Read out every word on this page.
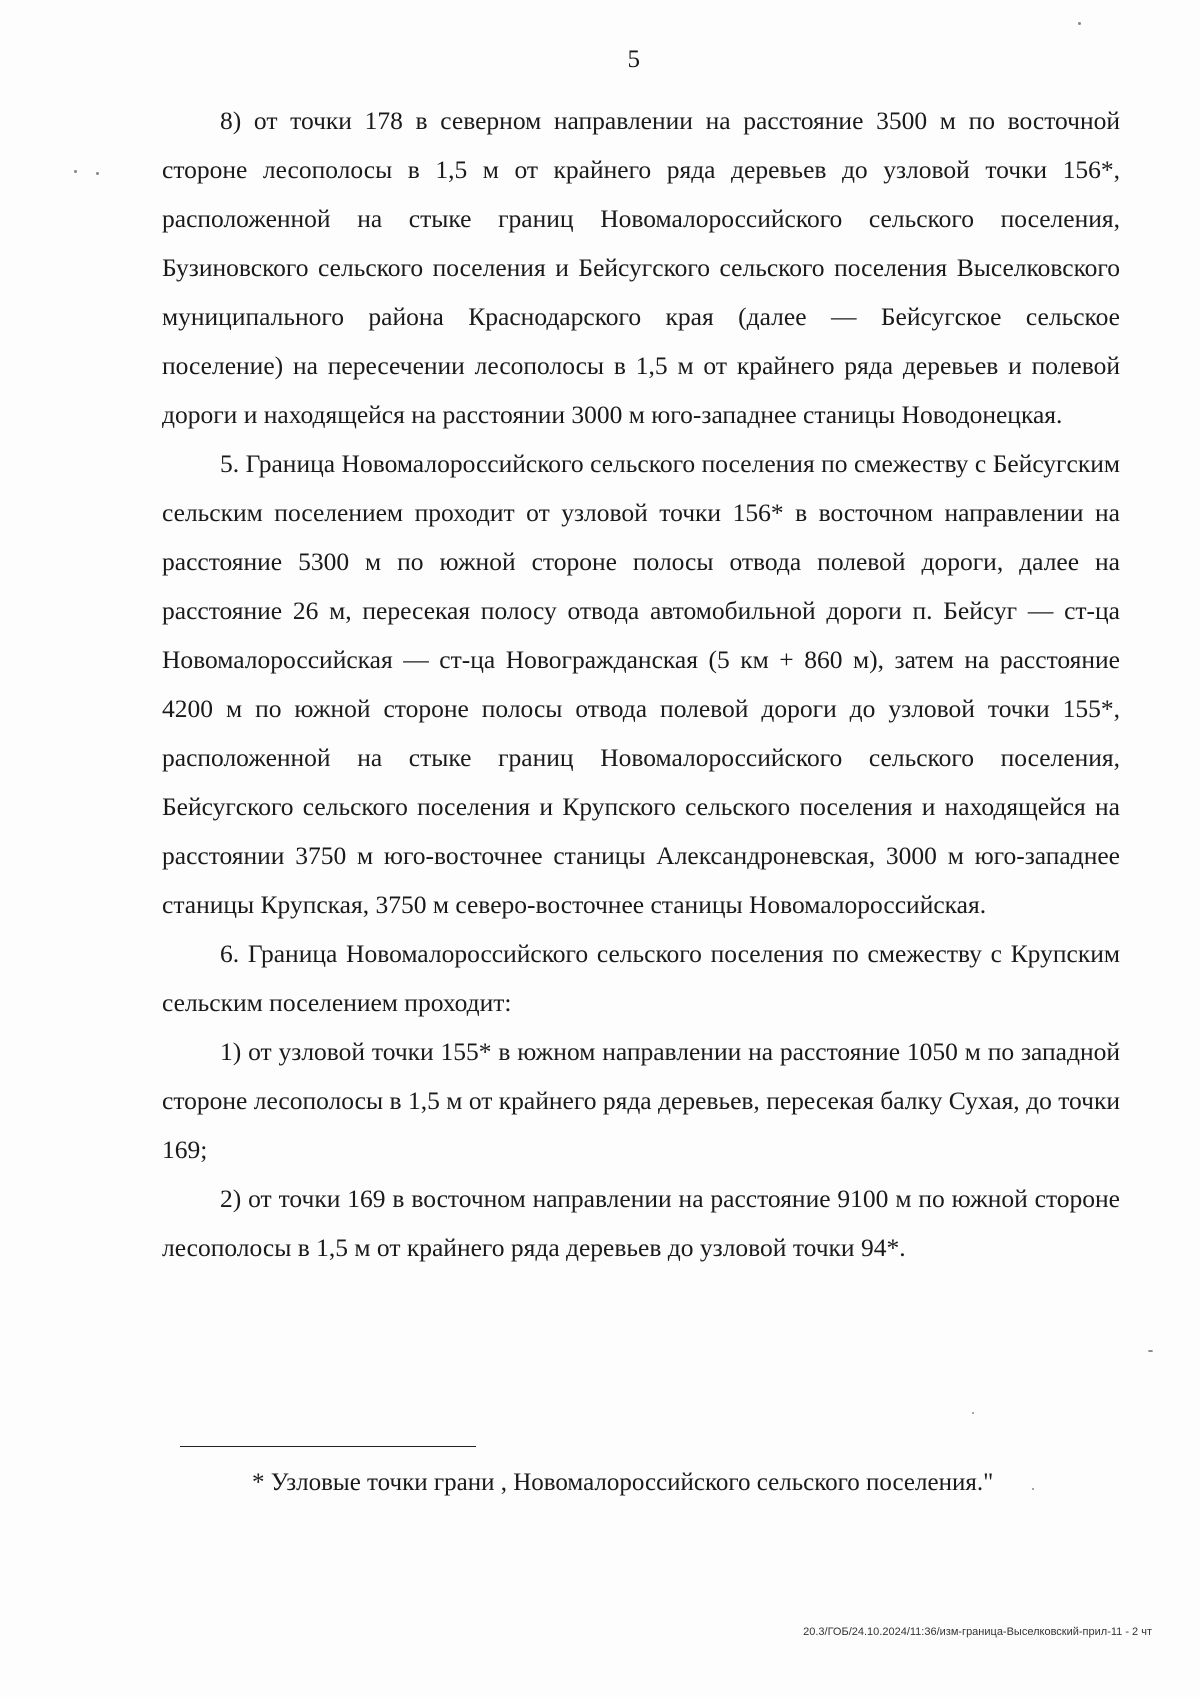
5

8) от точки 178 в северном направлении на расстояние 3500 м по восточной стороне лесополосы в 1,5 м от крайнего ряда деревьев до узловой точки 156*, расположенной на стыке границ Новомалороссийского сельского поселения, Бузиновского сельского поселения и Бейсугского сельского поселения Выселковского муниципального района Краснодарского края (далее — Бейсугское сельское поселение) на пересечении лесополосы в 1,5 м от крайнего ряда деревьев и полевой дороги и находящейся на расстоянии 3000 м юго-западнее станицы Новодонецкая.

5. Граница Новомалороссийского сельского поселения по смежеству с Бейсугским сельским поселением проходит от узловой точки 156* в восточном направлении на расстояние 5300 м по южной стороне полосы отвода полевой дороги, далее на расстояние 26 м, пересекая полосу отвода автомобильной дороги п. Бейсуг — ст-ца Новомалороссийская — ст-ца Новогражданская (5 км + 860 м), затем на расстояние 4200 м по южной стороне полосы отвода полевой дороги до узловой точки 155*, расположенной на стыке границ Новомалороссийского сельского поселения, Бейсугского сельского поселения и Крупского сельского поселения и находящейся на расстоянии 3750 м юго-восточнее станицы Александроневская, 3000 м юго-западнее станицы Крупская, 3750 м северо-восточнее станицы Новомалороссийская.

6. Граница Новомалороссийского сельского поселения по смежеству с Крупским сельским поселением проходит:

1) от узловой точки 155* в южном направлении на расстояние 1050 м по западной стороне лесополосы в 1,5 м от крайнего ряда деревьев, пересекая балку Сухая, до точки 169;

2) от точки 169 в восточном направлении на расстояние 9100 м по южной стороне лесополосы в 1,5 м от крайнего ряда деревьев до узловой точки 94*.

* Узловые точки грани , Новомалороссийского сельского поселения."
20.3/ГОБ/24.10.2024/11:36/изм-граница-Выселковский-прил-11 - 2 чт
